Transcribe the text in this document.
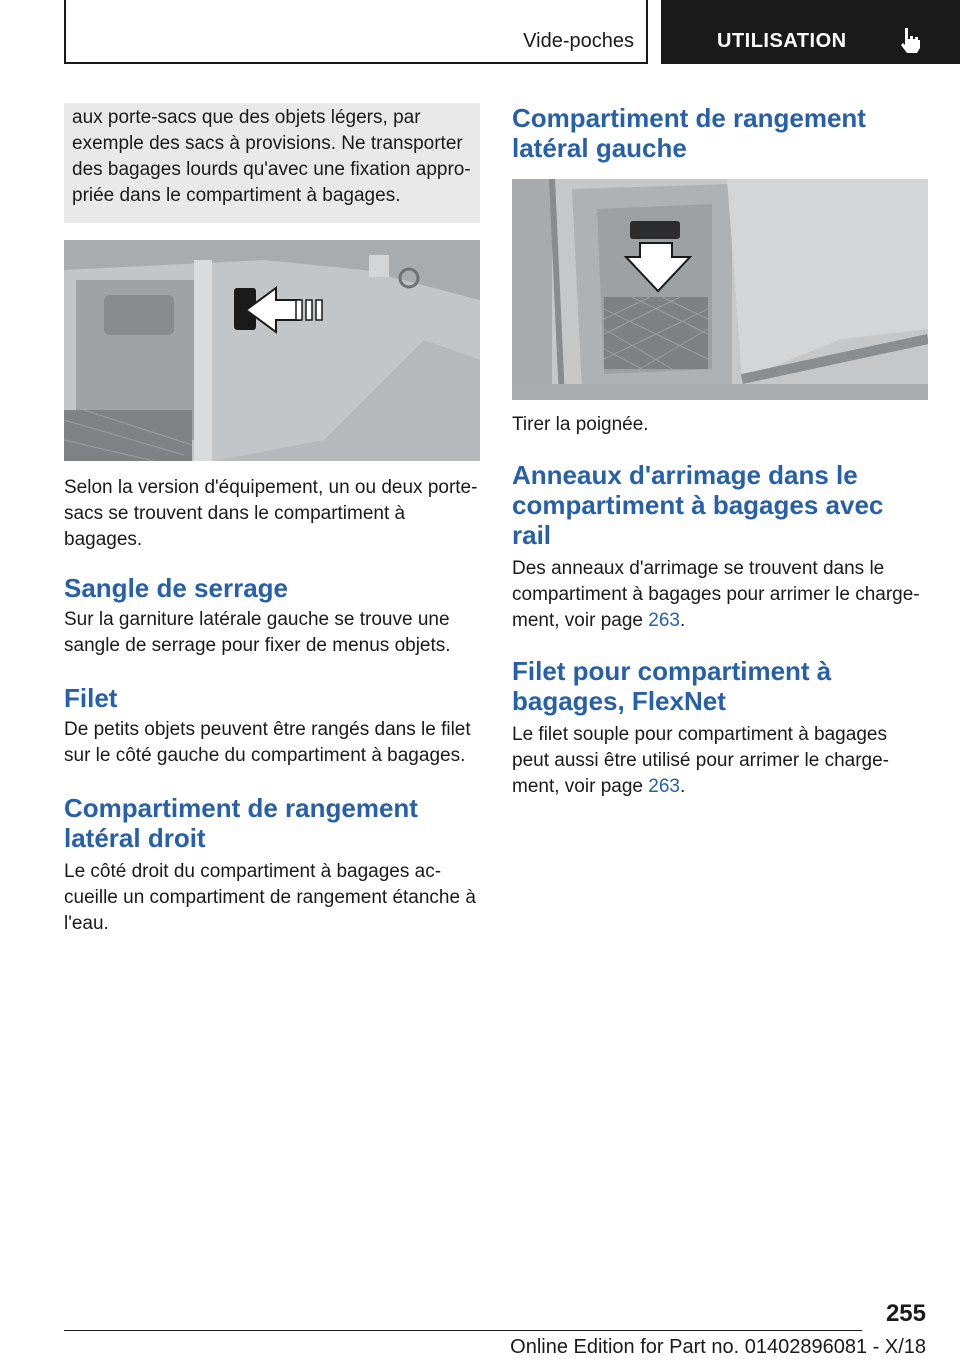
Vide-poches	UTILISATION

aux porte-sacs que des objets légers, par exemple des sacs à provisions. Ne transporter des bagages lourds qu'avec une fixation appro-priée dans le compartiment à bagages.

Selon la version d'équipement, un ou deux porte-sacs se trouvent dans le compartiment à bagages.

Sangle de serrage

Sur la garniture latérale gauche se trouve une sangle de serrage pour fixer de menus objets.

Filet

De petits objets peuvent être rangés dans le filet sur le côté gauche du compartiment à bagages.

Compartiment de rangement latéral droit

Le côté droit du compartiment à bagages ac-cueille un compartiment de rangement étanche à l'eau.

Compartiment de rangement latéral gauche

Tirer la poignée.

Anneaux d'arrimage dans le compartiment à bagages avec rail

Des anneaux d'arrimage se trouvent dans le compartiment à bagages pour arrimer le charge-ment, voir page 263.

Filet pour compartiment à bagages, FlexNet

Le filet souple pour compartiment à bagages peut aussi être utilisé pour arrimer le charge-ment, voir page 263.

255
Online Edition for Part no. 01402896081 - X/18
